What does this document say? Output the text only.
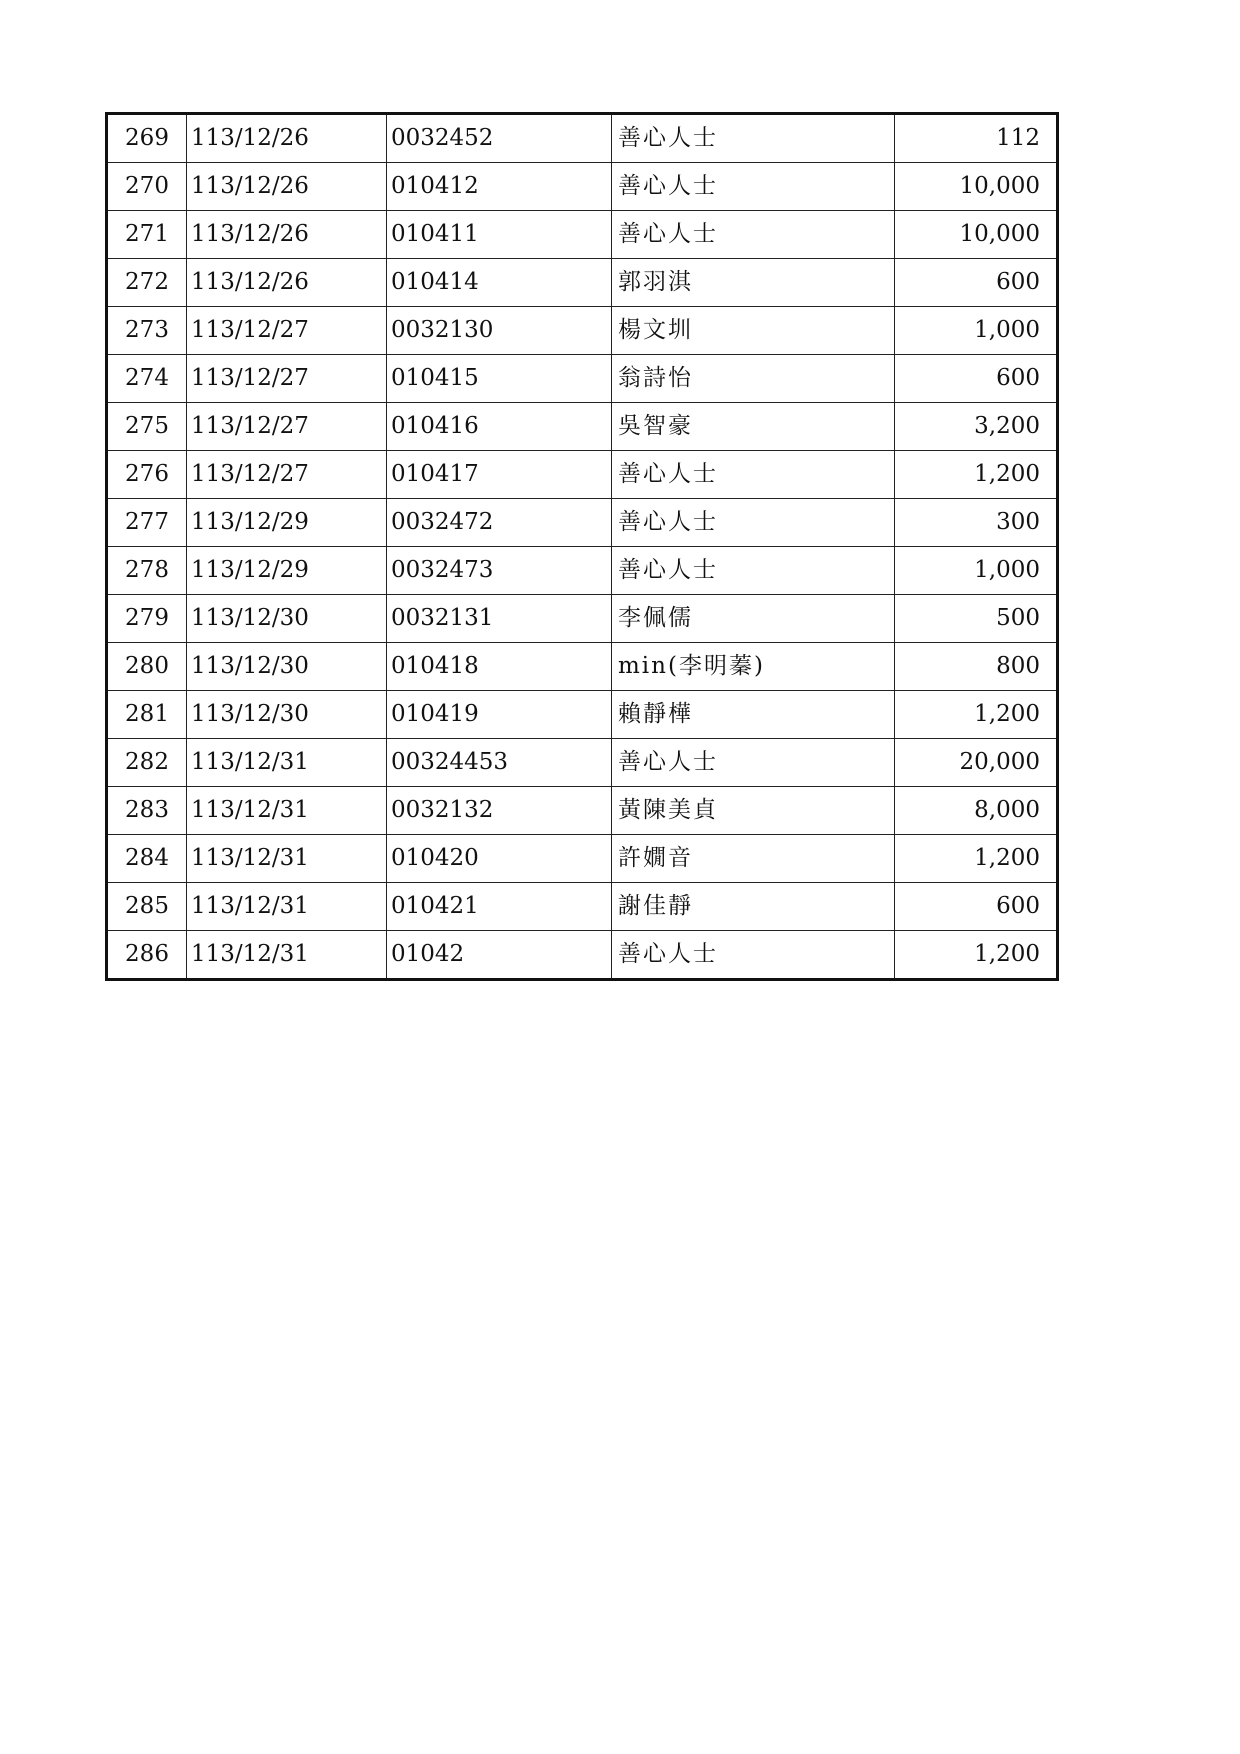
269	113/12/26	0032452	善心人士	112
270	113/12/26	010412	善心人士	10,000
271	113/12/26	010411	善心人士	10,000
272	113/12/26	010414	郭羽淇	600
273	113/12/27	0032130	楊文圳	1,000
274	113/12/27	010415	翁詩怡	600
275	113/12/27	010416	吳智豪	3,200
276	113/12/27	010417	善心人士	1,200
277	113/12/29	0032472	善心人士	300
278	113/12/29	0032473	善心人士	1,000
279	113/12/30	0032131	李佩儒	500
280	113/12/30	010418	min(李明蓁)	800
281	113/12/30	010419	賴靜樺	1,200
282	113/12/31	00324453	善心人士	20,000
283	113/12/31	0032132	黃陳美貞	8,000
284	113/12/31	010420	許嫺音	1,200
285	113/12/31	010421	謝佳靜	600
286	113/12/31	01042	善心人士	1,200
